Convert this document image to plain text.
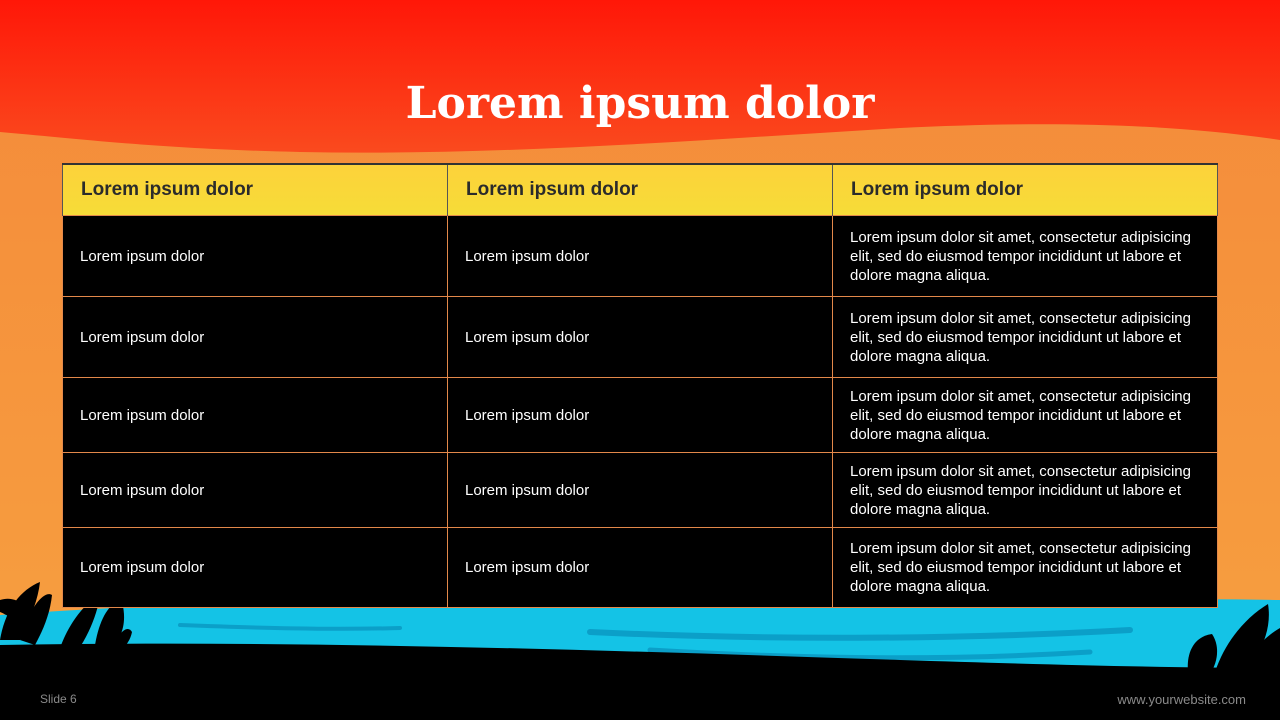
Lorem ipsum dolor
Lorem ipsum dolor	Lorem ipsum dolor	Lorem ipsum dolor
Lorem ipsum dolor	Lorem ipsum dolor	Lorem ipsum dolor sit amet, consectetur adipisicing elit, sed do eiusmod tempor incididunt ut labore et dolore magna aliqua.
Lorem ipsum dolor	Lorem ipsum dolor	Lorem ipsum dolor sit amet, consectetur adipisicing elit, sed do eiusmod tempor incididunt ut labore et dolore magna aliqua.
Lorem ipsum dolor	Lorem ipsum dolor	Lorem ipsum dolor sit amet, consectetur adipisicing elit, sed do eiusmod tempor incididunt ut labore et dolore magna aliqua.
Lorem ipsum dolor	Lorem ipsum dolor	Lorem ipsum dolor sit amet, consectetur adipisicing elit, sed do eiusmod tempor incididunt ut labore et dolore magna aliqua.
Lorem ipsum dolor	Lorem ipsum dolor	Lorem ipsum dolor sit amet, consectetur adipisicing elit, sed do eiusmod tempor incididunt ut labore et dolore magna aliqua.
Slide 6	www.yourwebsite.com
